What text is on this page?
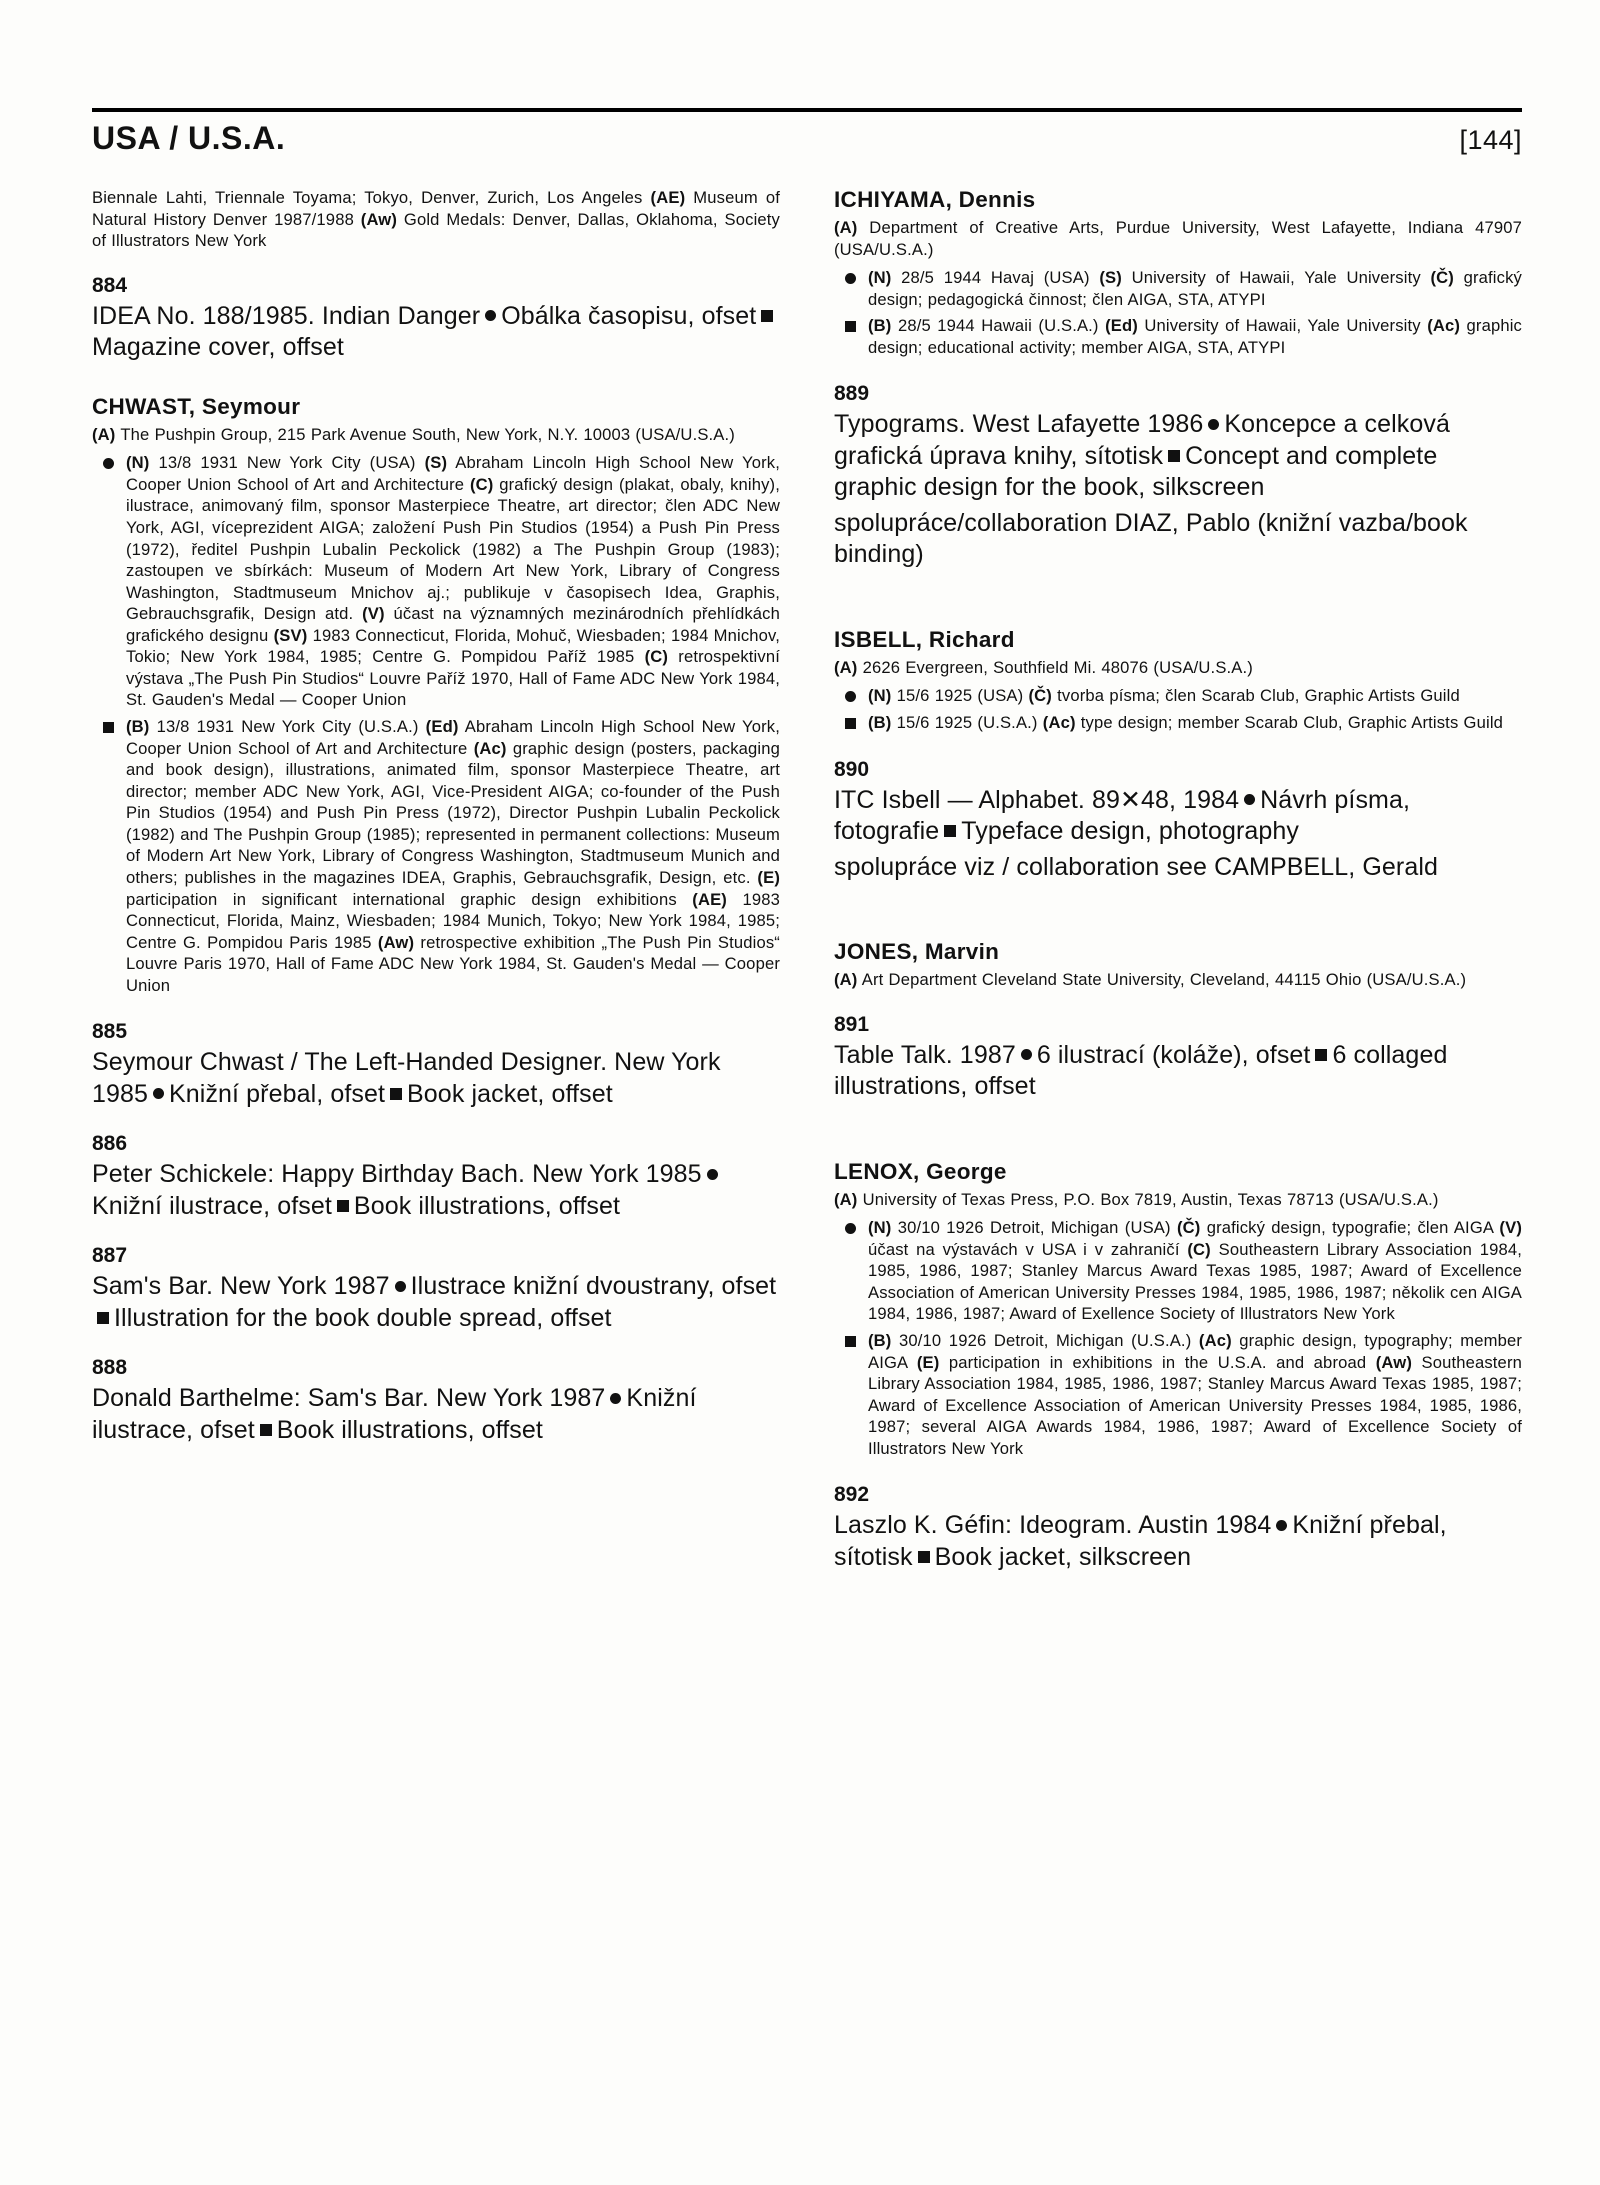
USA / U.S.A.	[144]

Biennale Lahti, Triennale Toyama; Tokyo, Denver, Zurich, Los Angeles (AE) Museum of Natural History Denver 1987/1988 (Aw) Gold Medals: Denver, Dallas, Oklahoma, Society of Illustrators New York

884

IDEA No. 188/1985. Indian Danger Obálka časopisu, ofsetMagazine cover, offset

CHWAST, Seymour

(A) The Pushpin Group, 215 Park Avenue South, New York, N.Y. 10003 (USA/U.S.A.)

(N) 13/8 1931 New York City (USA) (S) Abraham Lincoln High School New York, Cooper Union School of Art and Architecture (C) grafický design (plakat, obaly, knihy), ilustrace, animovaný film, sponsor Masterpiece Theatre, art director; člen ADC New York, AGI, víceprezident AIGA; založení Push Pin Studios (1954) a Push Pin Press (1972), ředitel Pushpin Lubalin Peckolick (1982) a The Pushpin Group (1983); zastoupen ve sbírkách: Museum of Modern Art New York, Library of Congress Washington, Stadtmuseum Mnichov aj.; publikuje v časopisech Idea, Graphis, Gebrauchsgrafik, Design atd. (V) účast na významných mezinárodních přehlídkách grafického designu (SV) 1983 Connecticut, Florida, Mohuč, Wiesbaden; 1984 Mnichov, Tokio; New York 1984, 1985; Centre G. Pompidou Paříž 1985 (C) retrospektivní výstava „The Push Pin Studios“ Louvre Paříž 1970, Hall of Fame ADC New York 1984, St. Gauden's Medal — Cooper Union
(B) 13/8 1931 New York City (U.S.A.) (Ed) Abraham Lincoln High School New York, Cooper Union School of Art and Architecture (Ac) graphic design (posters, packaging and book design), illustrations, animated film, sponsor Masterpiece Theatre, art director; member ADC New York, AGI, Vice-President AIGA; co-founder of the Push Pin Studios (1954) and Push Pin Press (1972), Director Pushpin Lubalin Peckolick (1982) and The Pushpin Group (1985); represented in permanent collections: Museum of Modern Art New York, Library of Congress Washington, Stadtmuseum Munich and others; publishes in the magazines IDEA, Graphis, Gebrauchsgrafik, Design, etc. (E) participation in significant international graphic design exhibitions (AE) 1983 Connecticut, Florida, Mainz, Wiesbaden; 1984 Munich, Tokyo; New York 1984, 1985; Centre G. Pompidou Paris 1985 (Aw) retrospective exhibition „The Push Pin Studios“ Louvre Paris 1970, Hall of Fame ADC New York 1984, St. Gauden's Medal — Cooper Union
885

Seymour Chwast / The Left-Handed Designer. New York 1985 Knižní přebal, ofset Book jacket, offset

886

Peter Schickele: Happy Birthday Bach. New York 1985Knižní ilustrace, ofset Book illustrations, offset

887

Sam's Bar. New York 1987 Ilustrace knižní dvoustrany, ofsetIllustration for the book double spread, offset

888

Donald Barthelme: Sam's Bar. New York 1987 Knižní ilustrace, ofset Book illustrations, offset

ICHIYAMA, Dennis

(A) Department of Creative Arts, Purdue University, West Lafayette, Indiana 47907 (USA/U.S.A.)

(N) 28/5 1944 Havaj (USA) (S) University of Hawaii, Yale University (Č) grafický design; pedagogická činnost; člen AIGA, STA, ATYPI
(B) 28/5 1944 Hawaii (U.S.A.) (Ed) University of Hawaii, Yale University (Ac) graphic design; educational activity; member AIGA, STA, ATYPI
889

Typograms. West Lafayette 1986 Koncepce a celková grafická úprava knihy, sítotisk Concept and complete graphic design for the book, silkscreen

spolupráce/collaboration DIAZ, Pablo (knižní vazba/book binding)

ISBELL, Richard

(A) 2626 Evergreen, Southfield Mi. 48076 (USA/U.S.A.)

(N) 15/6 1925 (USA) (Č) tvorba písma; člen Scarab Club, Graphic Artists Guild
(B) 15/6 1925 (U.S.A.) (Ac) type design; member Scarab Club, Graphic Artists Guild
890

ITC Isbell — Alphabet. 89✕48, 1984 Návrh písma, fotografie Typeface design, photography

spolupráce viz / collaboration see CAMPBELL, Gerald

JONES, Marvin

(A) Art Department Cleveland State University, Cleveland, 44115 Ohio (USA/U.S.A.)

891

Table Talk. 1987 6 ilustrací (koláže), ofset 6 collaged illustrations, offset

LENOX, George

(A) University of Texas Press, P.O. Box 7819, Austin, Texas 78713 (USA/U.S.A.)

(N) 30/10 1926 Detroit, Michigan (USA) (Č) grafický design, typografie; člen AIGA (V) účast na výstavách v USA i v zahraničí (C) Southeastern Library Association 1984, 1985, 1986, 1987; Stanley Marcus Award Texas 1985, 1987; Award of Excellence Association of American University Presses 1984, 1985, 1986, 1987; několik cen AIGA 1984, 1986, 1987; Award of Exellence Society of Illustrators New York
(B) 30/10 1926 Detroit, Michigan (U.S.A.) (Ac) graphic design, typography; member AIGA (E) participation in exhibitions in the U.S.A. and abroad (Aw) Southeastern Library Association 1984, 1985, 1986, 1987; Stanley Marcus Award Texas 1985, 1987; Award of Excellence Association of American University Presses 1984, 1985, 1986, 1987; several AIGA Awards 1984, 1986, 1987; Award of Excellence Society of Illustrators New York
892

Laszlo K. Géfin: Ideogram. Austin 1984 Knižní přebal, sítotisk Book jacket, silkscreen
